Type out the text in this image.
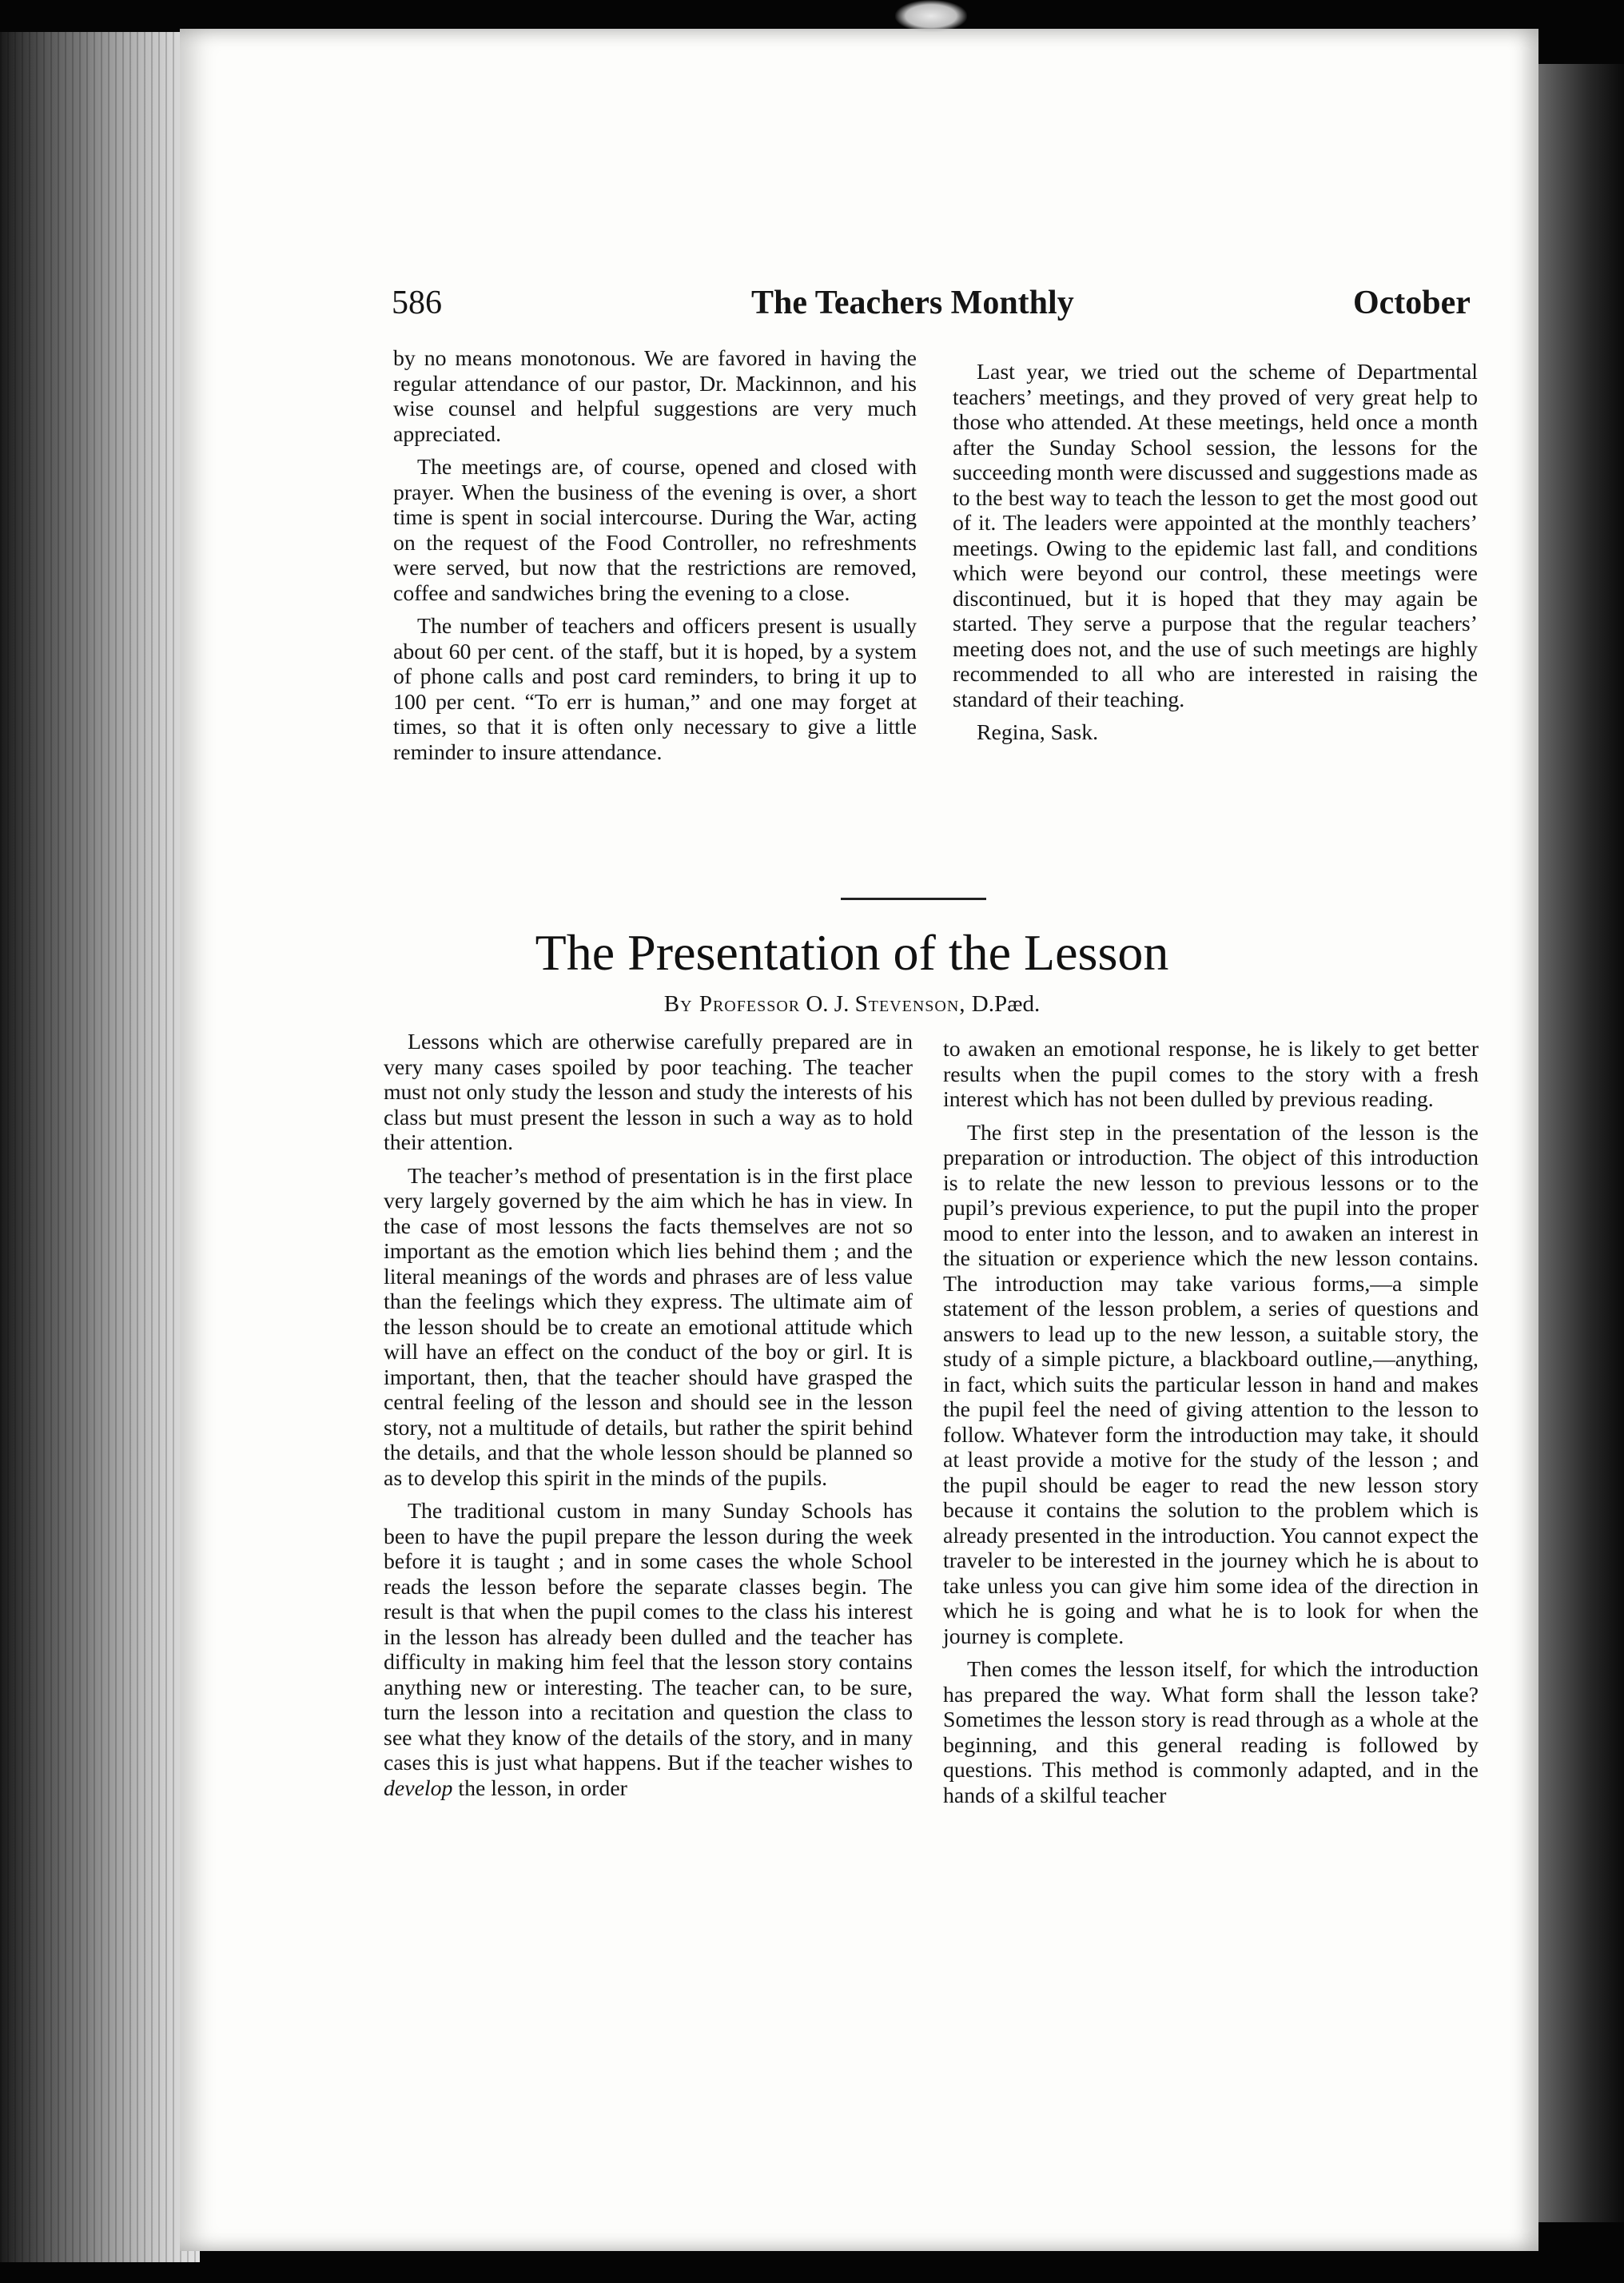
586	The Teachers Monthly	October

by no means monotonous. We are favored in having the regular attendance of our pastor, Dr. Mackinnon, and his wise counsel and helpful suggestions are very much appreciated.

The meetings are, of course, opened and closed with prayer. When the business of the evening is over, a short time is spent in social intercourse. During the War, acting on the request of the Food Controller, no refreshments were served, but now that the restrictions are removed, coffee and sandwiches bring the evening to a close.

The number of teachers and officers present is usually about 60 per cent. of the staff, but it is hoped, by a system of phone calls and post card reminders, to bring it up to 100 per cent. “To err is human,” and one may forget at times, so that it is often only necessary to give a little reminder to insure attendance.

Last year, we tried out the scheme of Departmental teachers’ meetings, and they proved of very great help to those who attended. At these meetings, held once a month after the Sunday School session, the lessons for the succeeding month were discussed and suggestions made as to the best way to teach the lesson to get the most good out of it. The leaders were appointed at the monthly teachers’ meetings. Owing to the epidemic last fall, and conditions which were beyond our control, these meetings were discontinued, but it is hoped that they may again be started. They serve a purpose that the regular teachers’ meeting does not, and the use of such meetings are highly recommended to all who are interested in raising the standard of their teaching.

Regina, Sask.

The Presentation of the Lesson

By Professor O. J. Stevenson, D.Pæd.

Lessons which are otherwise carefully prepared are in very many cases spoiled by poor teaching. The teacher must not only study the lesson and study the interests of his class but must present the lesson in such a way as to hold their attention.

The teacher’s method of presentation is in the first place very largely governed by the aim which he has in view. In the case of most lessons the facts themselves are not so important as the emotion which lies behind them ; and the literal meanings of the words and phrases are of less value than the feelings which they express. The ultimate aim of the lesson should be to create an emotional attitude which will have an effect on the conduct of the boy or girl. It is important, then, that the teacher should have grasped the central feeling of the lesson and should see in the lesson story, not a multitude of details, but rather the spirit behind the details, and that the whole lesson should be planned so as to develop this spirit in the minds of the pupils.

The traditional custom in many Sunday Schools has been to have the pupil prepare the lesson during the week before it is taught ; and in some cases the whole School reads the lesson before the separate classes begin. The result is that when the pupil comes to the class his interest in the lesson has already been dulled and the teacher has difficulty in making him feel that the lesson story contains anything new or interesting. The teacher can, to be sure, turn the lesson into a recitation and question the class to see what they know of the details of the story, and in many cases this is just what happens. But if the teacher wishes to develop the lesson, in order

to awaken an emotional response, he is likely to get better results when the pupil comes to the story with a fresh interest which has not been dulled by previous reading.

The first step in the presentation of the lesson is the preparation or introduction. The object of this introduction is to relate the new lesson to previous lessons or to the pupil’s previous experience, to put the pupil into the proper mood to enter into the lesson, and to awaken an interest in the situation or experience which the new lesson contains. The introduction may take various forms,—a simple statement of the lesson problem, a series of questions and answers to lead up to the new lesson, a suitable story, the study of a simple picture, a blackboard outline,—anything, in fact, which suits the particular lesson in hand and makes the pupil feel the need of giving attention to the lesson to follow. Whatever form the introduction may take, it should at least provide a motive for the study of the lesson ; and the pupil should be eager to read the new lesson story because it contains the solution to the problem which is already presented in the introduction. You cannot expect the traveler to be interested in the journey which he is about to take unless you can give him some idea of the direction in which he is going and what he is to look for when the journey is complete.

Then comes the lesson itself, for which the introduction has prepared the way. What form shall the lesson take? Sometimes the lesson story is read through as a whole at the beginning, and this general reading is followed by questions. This method is commonly adapted, and in the hands of a skilful teacher
